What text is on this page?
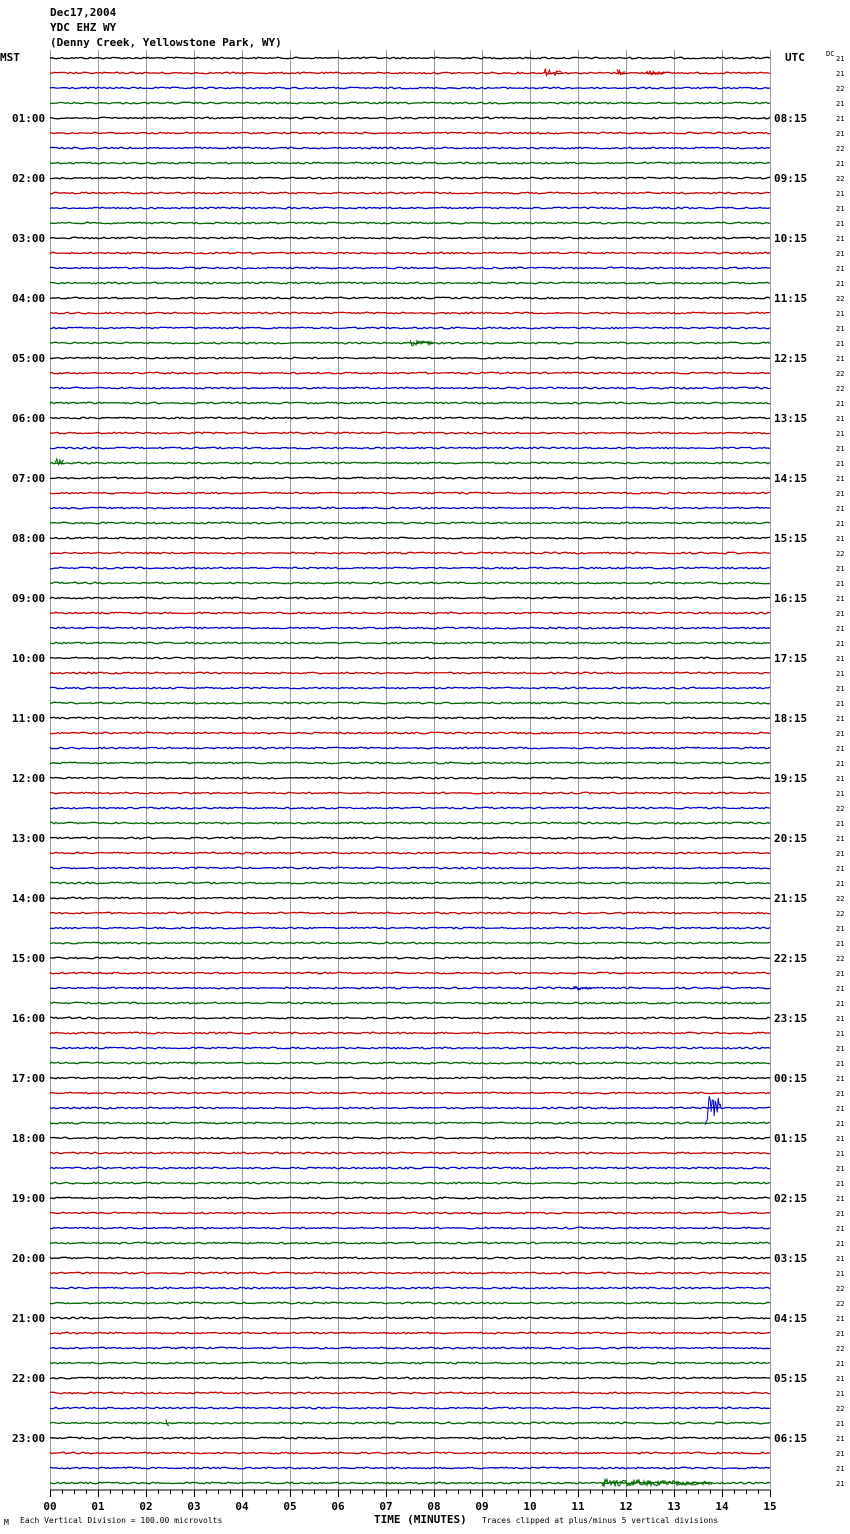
Dec17,2004
YDC EHZ WY
(Denny Creek, Yellowstone Park, WY)
MST	UTC	DC
01:00
02:00
03:00
04:00
05:00
06:00
07:00
08:00
09:00
10:00
11:00
12:00
13:00
14:00
15:00
16:00
17:00
18:00
19:00
20:00
21:00
22:00
23:00
08:15
09:15
10:15
11:15
12:15
13:15
14:15
15:15
16:15
17:15
18:15
19:15
20:15
21:15
22:15
23:15
00:15
01:15
02:15
03:15
04:15
05:15
06:15
21
21
22
21
21
21
22
21
22
21
21
21
21
21
21
21
22
21
21
21
21
22
22
21
21
21
21
21
21
21
21
21
21
22
21
21
21
21
21
21
21
21
21
21
21
21
21
21
21
21
22
21
21
21
21
21
22
22
21
21
22
21
21
21
21
21
21
21
21
21
21
21
21
21
21
21
21
21
21
21
21
21
22
22
21
21
22
21
21
21
22
21
21
21
21
21
00	01	02	03	04	05	06	07	08	09	10	11	12	13	14	15
M Each Vertical Division = 100.00 microvolts	TIME (MINUTES) Traces clipped at plus/minus 5 vertical divisions
